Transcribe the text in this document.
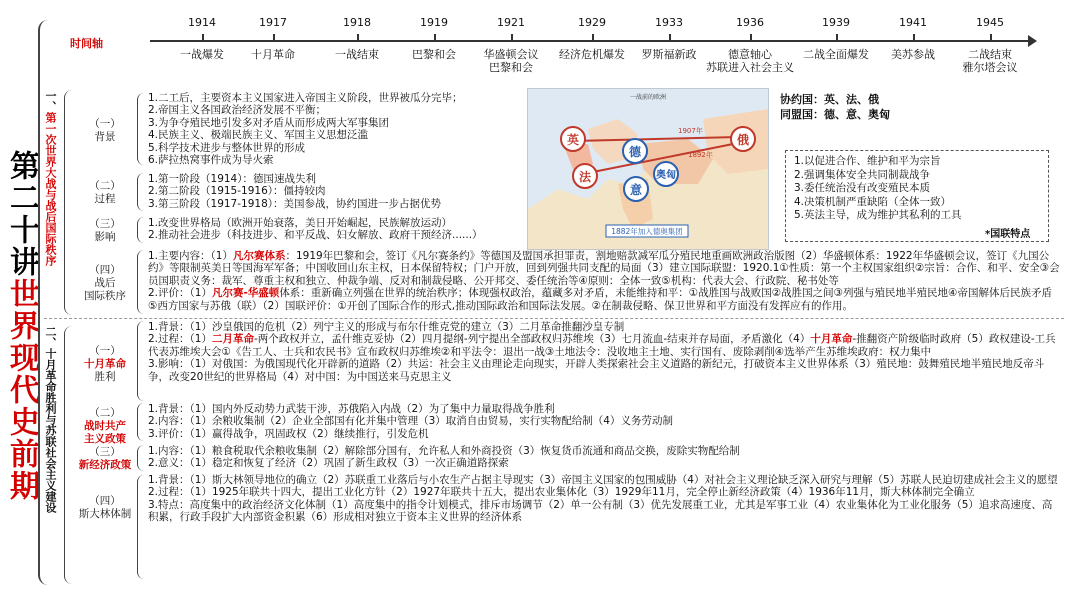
第二十讲
世界现代史前期
时间轴
1914
一战爆发
1917
十月革命
1918
一战结束
1919
巴黎和会
1921
华盛顿会议
巴黎和会
1929
经济危机爆发
1933
罗斯福新政
1936
德意轴心
苏联进入社会主义
1939
二战全面爆发
1941
美苏参战
1945
二战结束
雅尔塔会议
一、第一次世界大战与战后国际秩序	（一）
背景
1.二工后，主要资本主义国家进入帝国主义阶段，世界被瓜分完毕；
2.帝国主义各国政治经济发展不平衡；
3.为争夺殖民地引发多对矛盾从而形成两大军事集团
4.民族主义、极端民族主义、军国主义思想泛滥
5.科学技术进步与整体世界的形成
6.萨拉热窝事件成为导火索
（二）
过程
1.第一阶段（1914）：德国速战失利
2.第二阶段（1915-1916）：僵持较肉
3.第三阶段（1917-1918）：美国参战，协约国进一步占据优势
（三）
影响
1.改变世界格局（欧洲开始衰落，美日开始崛起，民族解放运动）
2.推动社会进步（科技进步、和平反战、妇女解放、政府干预经济......）
英
法
德
奥匈
意
俄
一战前的欧洲
1907年
1892年
1882年加入德奥集团
协约国：英、法、俄
同盟国：德、意、奥匈
1.以促进合作、维护和平为宗旨
2.强调集体安全共同制裁战争
3.委任统治没有改变殖民本质
4.决策机制严重缺陷（全体一致）
5.英法主导，成为维护其私利的工具
*国联特点
（四）
战后
国际秩序
1.主要内容：（1）凡尔赛体系：1919年巴黎和会，签订《凡尔赛条约》等德国及盟国承担罪责，割地赔款减军瓜分殖民地重画欧洲政治版图（2）华盛顿体系：1922年华盛顿会议，签订《九国公约》等限制英美日等国海军军备；中国收回山东主权，日本保留特权；门户开放，回到列强共同支配的局面（3）建立国际联盟：1920.1①性质：第一个主权国家组织②宗旨：合作、和平、安全③会员国职责义务：裁军、尊重主权和独立、仲裁争端、反对和制裁侵略、公开邦交、委任统治等④原则：全体一致⑤机构：代表大会、行政院、秘书处等
2.评价：（1）凡尔赛-华盛顿体系：重新确立列强在世界的统治秩序；体现强权政治，蕴藏多对矛盾，未能维持和平：①战胜国与战败国②战胜国之间③列强与殖民地半殖民地④帝国解体后民族矛盾⑤西方国家与苏俄（联）（2）国联评价：①开创了国际合作的形式,推动国际政治和国际法发展。②在制裁侵略、保卫世界和平方面没有发挥应有的作用。
二、十月革命胜利与苏联社会主义建设	（一）
十月革命
胜利
1.背景：（1）沙皇俄国的危机（2）列宁主义的形成与布尔什维克党的建立（3）二月革命推翻沙皇专制
2.过程：（1）二月革命-两个政权并立，孟什维克妥协（2）四月提纲-列宁提出全部政权归苏维埃（3）七月流血-结束并存局面，矛盾激化（4）十月革命-推翻资产阶级临时政府（5）政权建设-工兵代表苏维埃大会①《告工人、士兵和农民书》宣布政权归苏维埃②和平法令：退出一战③土地法令：没收地主土地、实行国有、废除剥削④选举产生苏维埃政府：权力集中
3.影响：（1）对俄国：为俄国现代化开辟新的道路（2）共运：社会主义由理论走向现实，开辟人类探索社会主义道路的新纪元，打破资本主义世界体系（3）殖民地：鼓舞殖民地半殖民地反帝斗争，改变20世纪的世界格局（4）对中国：为中国送来马克思主义
（二）
战时共产主义政策
1.背景：（1）国内外反动势力武装干涉，苏俄陷入内战（2）为了集中力量取得战争胜利
2.内容：（1）余粮收集制（2）企业全部国有化并集中管理（3）取消自由贸易，实行实物配给制（4）义务劳动制
3.评价：（1）赢得战争，巩固政权（2）继续推行，引发危机
（三）
新经济政策
1.内容：（1）粮食税取代余粮收集制（2）解除部分国有，允许私人和外商投资（3）恢复货币流通和商品交换，废除实物配给制
2.意义：（1）稳定和恢复了经济（2）巩固了新生政权（3）一次正确道路探索
（四）
斯大林体制
1.背景：（1）斯大林领导地位的确立（2）苏联重工业落后与小农生产占据主导现实（3）帝国主义国家的包围威胁（4）对社会主义理论缺乏深入研究与理解（5）苏联人民迫切建成社会主义的愿望
2.过程：（1）1925年联共十四大，提出工业化方针（2）1927年联共十五大，提出农业集体化（3）1929年11月，完全停止新经济政策（4）1936年11月，斯大林体制完全确立
3.特点：高度集中的政治经济文化体制（1）高度集中的指令计划模式，排斥市场调节（2）单一公有制（3）优先发展重工业，尤其是军事工业（4）农业集体化为工业化服务（5）追求高速度、高积累，行政手段扩大内部资金积累（6）形成相对独立于资本主义世界的经济体系
